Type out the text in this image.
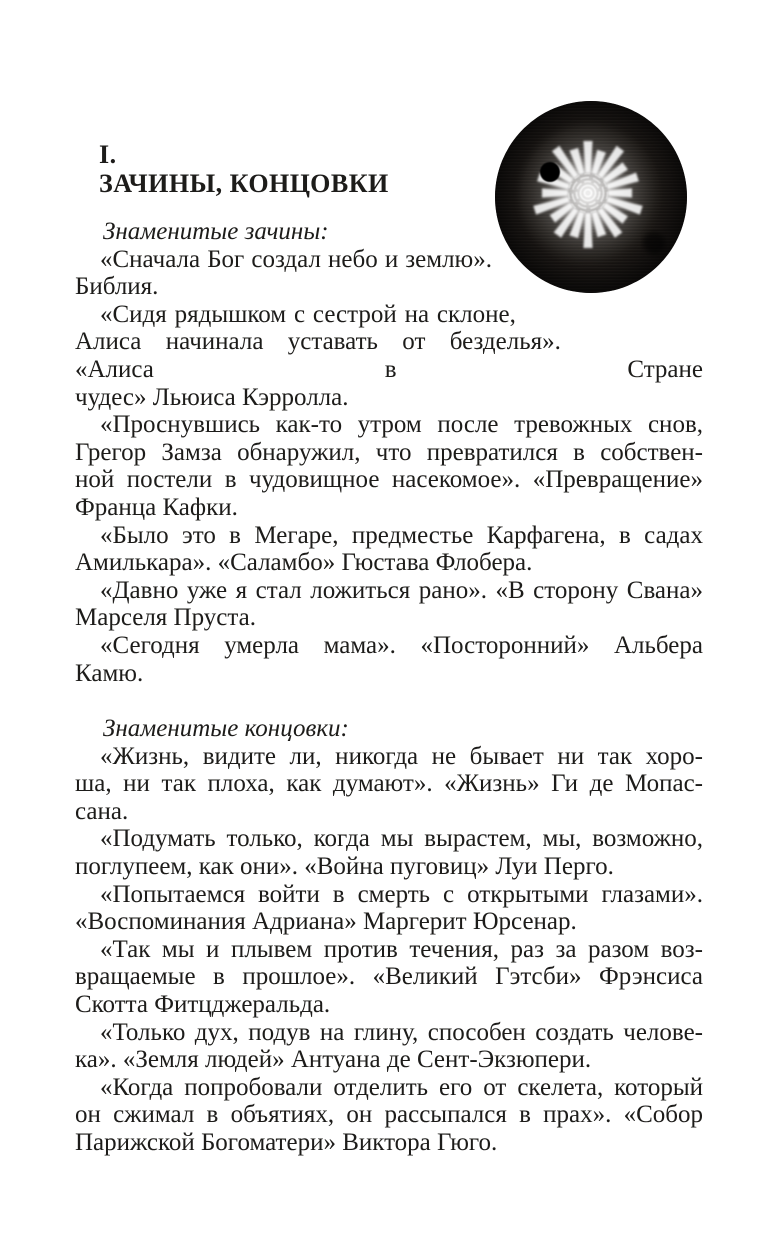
I.
ЗАЧИНЫ, КОНЦОВКИ
Знаменитые зачины:
«Сначала Бог создал небо и землю».
Библия.
«Сидя рядышком с сестрой на склоне,
Алиса начинала уставать от безделья». «Алиса в Стране
чудес» Льюиса Кэрролла.
«Проснувшись как-то утром после тревожных снов,
Грегор Замза обнаружил, что превратился в собствен-
ной постели в чудовищное насекомое». «Превращение»
Франца Кафки.
«Было это в Мегаре, предместье Карфагена, в садах
Амилькара». «Саламбо» Гюстава Флобера.
«Давно уже я стал ложиться рано». «В сторону Свана»
Марселя Пруста.
«Сегодня умерла мама». «Посторонний» Альбера
Камю.
Знаменитые концовки:
«Жизнь, видите ли, никогда не бывает ни так хоро-
ша, ни так плоха, как думают». «Жизнь» Ги де Мопас-
сана.
«Подумать только, когда мы вырастем, мы, возможно,
поглупеем, как они». «Война пуговиц» Луи Перго.
«Попытаемся войти в смерть с открытыми глазами».
«Воспоминания Адриана» Маргерит Юрсенар.
«Так мы и плывем против течения, раз за разом воз-
вращаемые в прошлое». «Великий Гэтсби» Фрэнсиса
Скотта Фитцджеральда.
«Только дух, подув на глину, способен создать челове-
ка». «Земля людей» Антуана де Сент-Экзюпери.
«Когда попробовали отделить его от скелета, который
он сжимал в объятиях, он рассыпался в прах». «Собор
Парижской Богоматери» Виктора Гюго.
